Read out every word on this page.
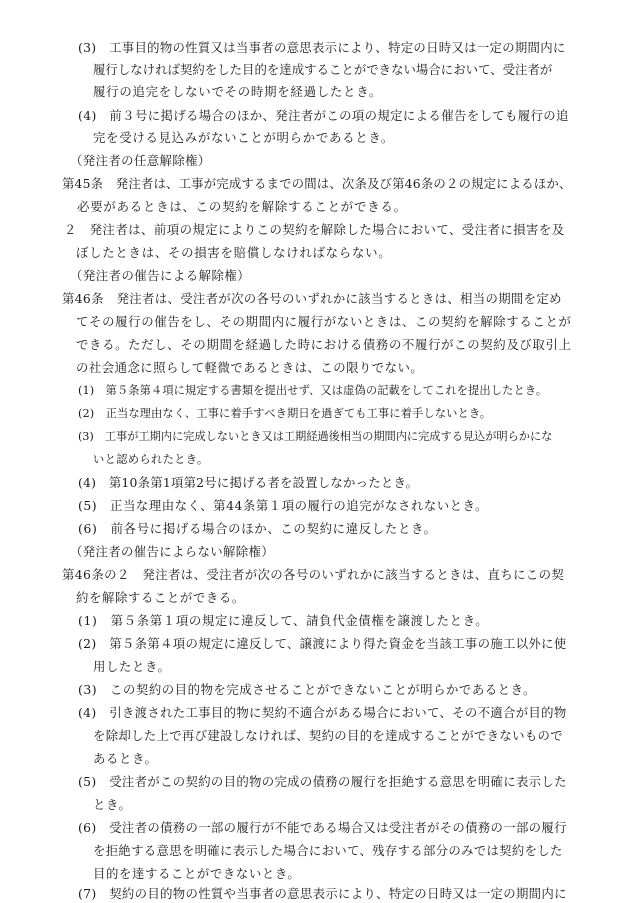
(3)　工事目的物の性質又は当事者の意思表示により、特定の日時又は一定の期間内に
履行しなければ契約をした目的を達成することができない場合において、受注者が
履行の追完をしないでその時期を経過したとき。
(4)　前３号に掲げる場合のほか、発注者がこの項の規定による催告をしても履行の追
完を受ける見込みがないことが明らかであるとき。
（発注者の任意解除権）
第45条　発注者は、工事が完成するまでの間は、次条及び第46条の２の規定によるほか、
必要があるときは、この契約を解除することができる。
２　発注者は、前項の規定によりこの契約を解除した場合において、受注者に損害を及
ぼしたときは、その損害を賠償しなければならない。
（発注者の催告による解除権）
第46条　発注者は、受注者が次の各号のいずれかに該当するときは、相当の期間を定め
てその履行の催告をし、その期間内に履行がないときは、この契約を解除することが
できる。ただし、その期間を経過した時における債務の不履行がこの契約及び取引上
の社会通念に照らして軽微であるときは、この限りでない。
(1)　第５条第４項に規定する書類を提出せず、又は虚偽の記載をしてこれを提出したとき。
(2)　正当な理由なく、工事に着手すべき期日を過ぎても工事に着手しないとき。
(3)　工事が工期内に完成しないとき又は工期経過後相当の期間内に完成する見込が明らかにな
いと認められたとき。
(4)　第10条第1項第2号に掲げる者を設置しなかったとき。
(5)　正当な理由なく、第44条第１項の履行の追完がなされないとき。
(6)　前各号に掲げる場合のほか、この契約に違反したとき。
（発注者の催告によらない解除権）
第46条の２　発注者は、受注者が次の各号のいずれかに該当するときは、直ちにこの契
約を解除することができる。
(1)　第５条第１項の規定に違反して、請負代金債権を譲渡したとき。
(2)　第５条第４項の規定に違反して、譲渡により得た資金を当該工事の施工以外に使
用したとき。
(3)　この契約の目的物を完成させることができないことが明らかであるとき。
(4)　引き渡された工事目的物に契約不適合がある場合において、その不適合が目的物
を除却した上で再び建設しなければ、契約の目的を達成することができないもので
あるとき。
(5)　受注者がこの契約の目的物の完成の債務の履行を拒絶する意思を明確に表示した
とき。
(6)　受注者の債務の一部の履行が不能である場合又は受注者がその債務の一部の履行
を拒絶する意思を明確に表示した場合において、残存する部分のみでは契約をした
目的を達することができないとき。
(7)　契約の目的物の性質や当事者の意思表示により、特定の日時又は一定の期間内に
